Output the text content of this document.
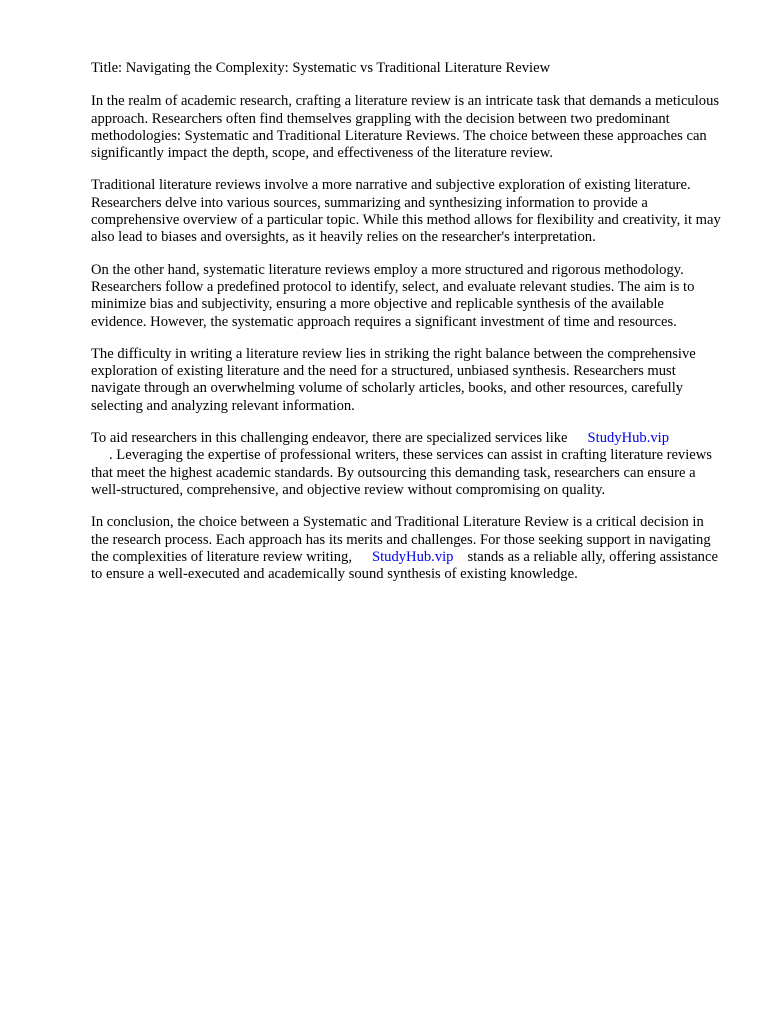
Title: Navigating the Complexity: Systematic vs Traditional Literature Review

In the realm of academic research, crafting a literature review is an intricate task that demands a meticulous approach. Researchers often find themselves grappling with the decision between two predominant methodologies: Systematic and Traditional Literature Reviews. The choice between these approaches can significantly impact the depth, scope, and effectiveness of the literature review.

Traditional literature reviews involve a more narrative and subjective exploration of existing literature. Researchers delve into various sources, summarizing and synthesizing information to provide a comprehensive overview of a particular topic. While this method allows for flexibility and creativity, it may also lead to biases and oversights, as it heavily relies on the researcher's interpretation.

On the other hand, systematic literature reviews employ a more structured and rigorous methodology. Researchers follow a predefined protocol to identify, select, and evaluate relevant studies. The aim is to minimize bias and subjectivity, ensuring a more objective and replicable synthesis of the available evidence. However, the systematic approach requires a significant investment of time and resources.

The difficulty in writing a literature review lies in striking the right balance between the comprehensive exploration of existing literature and the need for a structured, unbiased synthesis. Researchers must navigate through an overwhelming volume of scholarly articles, books, and other resources, carefully selecting and analyzing relevant information.

To aid researchers in this challenging endeavor, there are specialized services like StudyHub.vip
. Leveraging the expertise of professional writers, these services can assist in crafting literature reviews that meet the highest academic standards. By outsourcing this demanding task, researchers can ensure a well-structured, comprehensive, and objective review without compromising on quality.

In conclusion, the choice between a Systematic and Traditional Literature Review is a critical decision in the research process. Each approach has its merits and challenges. For those seeking support in navigating the complexities of literature review writing, StudyHub.vip stands as a reliable ally, offering assistance to ensure a well-executed and academically sound synthesis of existing knowledge.
